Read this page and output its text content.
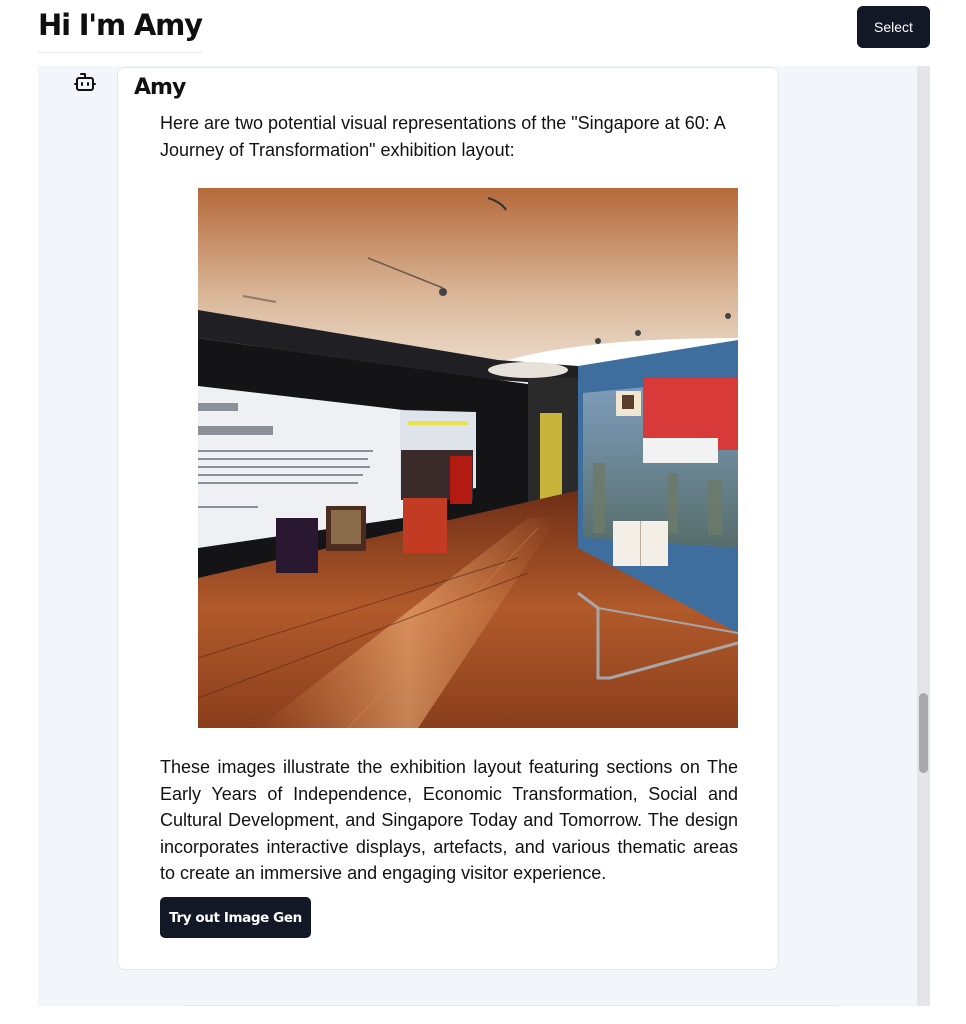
Hi I'm Amy	Select
Amy
Here are two potential visual representations of the "Singapore at 60: A Journey of Transformation" exhibition layout:
These images illustrate the exhibition layout featuring sections on The Early Years of Independence, Economic Transformation, Social and Cultural Development, and Singapore Today and Tomorrow. The design incorporates interactive displays, artefacts, and various thematic areas to create an immersive and engaging visitor experience.
Try out Image Gen
